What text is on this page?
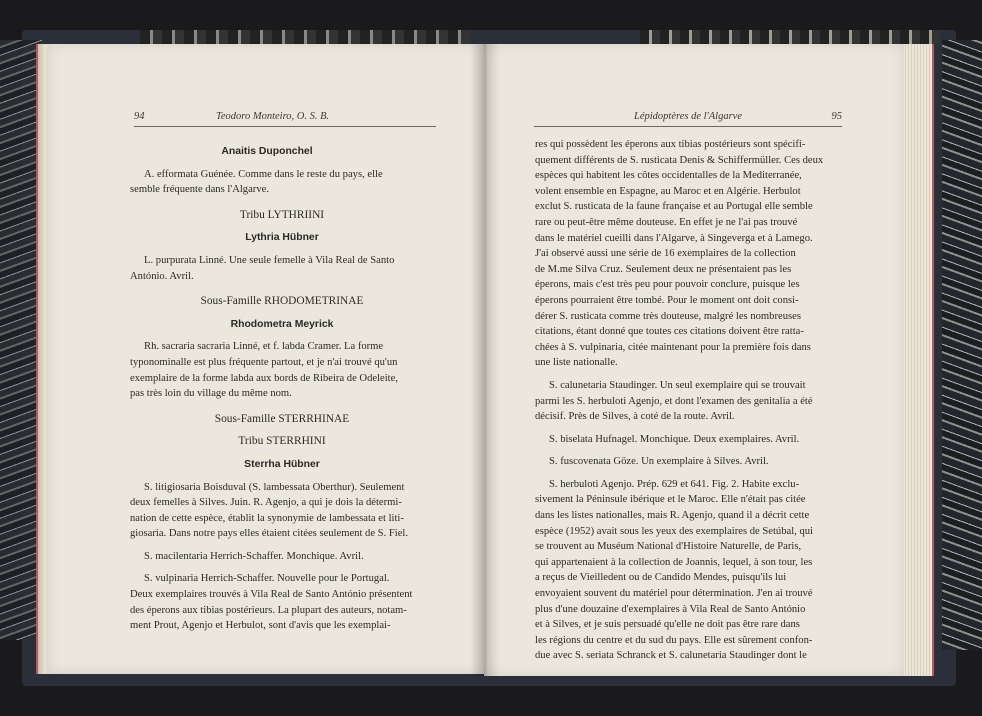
94	Teodoro Monteiro, O. S. B.

Anaitis Duponchel

A. efformata Guénée. Comme dans le reste du pays, elle

semble fréquente dans l'Algarve.

Tribu LYTHRIINI

Lythria Hübner

L. purpurata Linné. Une seule femelle à Vila Real de Santo

António. Avril.

Sous-Famille RHODOMETRINAE

Rhodometra Meyrick

Rh. sacraria sacraria Linné, et f. labda Cramer. La forme

typonominalle est plus fréquente partout, et je n'ai trouvé qu'un

exemplaire de la forme labda aux bords de Ribeira de Odeleite,

pas très loin du village du même nom.

Sous-Famille STERRHINAE

Tribu STERRHINI

Sterrha Hübner

S. litigiosaria Boisduval (S. lambessata Oberthur). Seulement

deux femelles à Silves. Juin. R. Agenjo, a qui je dois la détermi-

nation de cette espèce, établit la synonymie de lambessata et liti-

giosaria. Dans notre pays elles étaient citées seulement de S. Fiel.

S. macilentaria Herrich-Schaffer. Monchique. Avril.

S. vulpinaria Herrich-Schaffer. Nouvelle pour le Portugal.

Deux exemplaires trouvés à Vila Real de Santo António présentent

des éperons aux tibias postérieurs. La plupart des auteurs, notam-

ment Prout, Agenjo et Herbulot, sont d'avis que les exemplai-

Lépidoptères de l'Algarve	95

res qui possèdent les éperons aux tibias postérieurs sont spécifi-

quement différents de S. rusticata Denis & Schiffermüller. Ces deux

espèces qui habitent les côtes occidentalles de la Mediterranée,

volent ensemble en Espagne, au Maroc et en Algérie. Herbulot

exclut S. rusticata de la faune française et au Portugal elle semble

rare ou peut-être même douteuse. En effet je ne l'ai pas trouvé

dans le matériel cueilli dans l'Algarve, à Singeverga et à Lamego.

J'ai observé aussi une série de 16 exemplaires de la collection

de M.me Silva Cruz. Seulement deux ne présentaient pas les

éperons, mais c'est très peu pour pouvoir conclure, puisque les

éperons pourraient être tombé. Pour le moment ont doit consi-

dérer S. rusticata comme très douteuse, malgré les nombreuses

citations, étant donné que toutes ces citations doivent être ratta-

chées à S. vulpinaria, citée maintenant pour la première fois dans

une liste nationalle.

S. calunetaria Staudinger. Un seul exemplaire qui se trouvait

parmi les S. herbuloti Agenjo, et dont l'examen des genitalia a été

décisif. Près de Silves, à coté de la route. Avril.

S. biselata Hufnagel. Monchique. Deux exemplaires. Avril.

S. fuscovenata Göze. Un exemplaire à Silves. Avril.

S. herbuloti Agenjo. Prép. 629 et 641. Fig. 2. Habite exclu-

sivement la Péninsule ibérique et le Maroc. Elle n'était pas citée

dans les listes nationalles, mais R. Agenjo, quand il a décrit cette

espèce (1952) avait sous les yeux des exemplaires de Setúbal, qui

se trouvent au Muséum National d'Histoire Naturelle, de Paris,

qui appartenaient à la collection de Joannis, lequel, à son tour, les

a reçus de Vieilledent ou de Candido Mendes, puisqu'ils lui

envoyaient souvent du matériel pour détermination. J'en ai trouvé

plus d'une douzaine d'exemplaires à Vila Real de Santo António

et à Silves, et je suis persuadé qu'elle ne doit pas être rare dans

les régions du centre et du sud du pays. Elle est sûrement confon-

due avec S. seriata Schranck et S. calunetaria Staudinger dont le
